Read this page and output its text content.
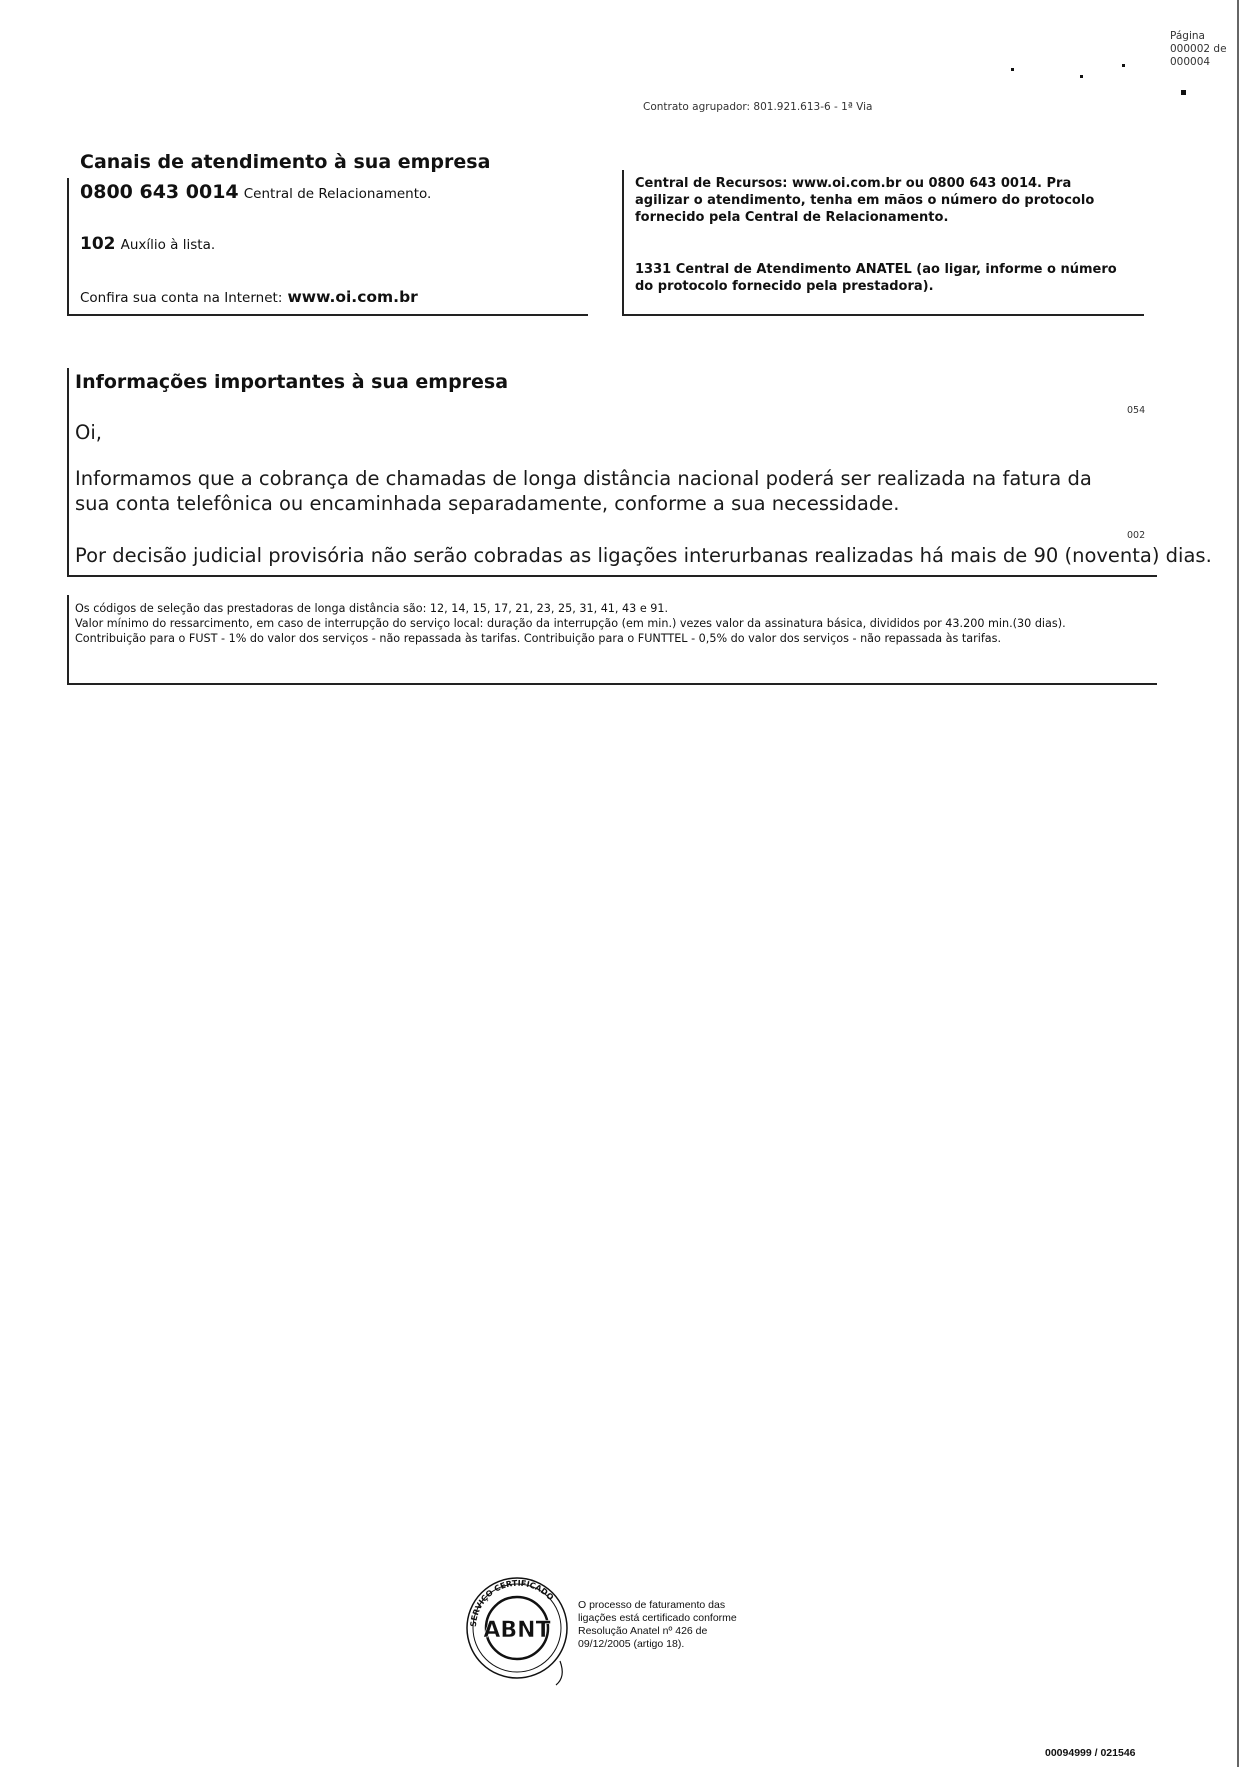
Página
000002 de
000004
Contrato agrupador: 801.921.613-6 - 1ª Via
Canais de atendimento à sua empresa
0800 643 0014 Central de Relacionamento.
102 Auxílio à lista.
Confira sua conta na Internet: www.oi.com.br
Central de Recursos: www.oi.com.br ou 0800 643 0014. Pra agilizar o atendimento, tenha em mãos o número do protocolo fornecido pela Central de Relacionamento.
1331 Central de Atendimento ANATEL (ao ligar, informe o número do protocolo fornecido pela prestadora).
Informações importantes à sua empresa
054
Oi,
Informamos que a cobrança de chamadas de longa distância nacional poderá ser realizada na fatura da sua conta telefônica ou encaminhada separadamente, conforme a sua necessidade.
002
Por decisão judicial provisória não serão cobradas as ligações interurbanas realizadas há mais de 90 (noventa) dias.
Os códigos de seleção das prestadoras de longa distância são: 12, 14, 15, 17, 21, 23, 25, 31, 41, 43 e 91.
Valor mínimo do ressarcimento, em caso de interrupção do serviço local: duração da interrupção (em min.) vezes valor da assinatura básica, divididos por 43.200 min.(30 dias).
Contribuição para o FUST - 1% do valor dos serviços - não repassada às tarifas. Contribuição para o FUNTTEL - 0,5% do valor dos serviços - não repassada às tarifas.
SERVIÇO CERTIFICADO
ABNT
O processo de faturamento das ligações está certificado conforme Resolução Anatel nº 426 de 09/12/2005 (artigo 18).
00094999 / 021546
